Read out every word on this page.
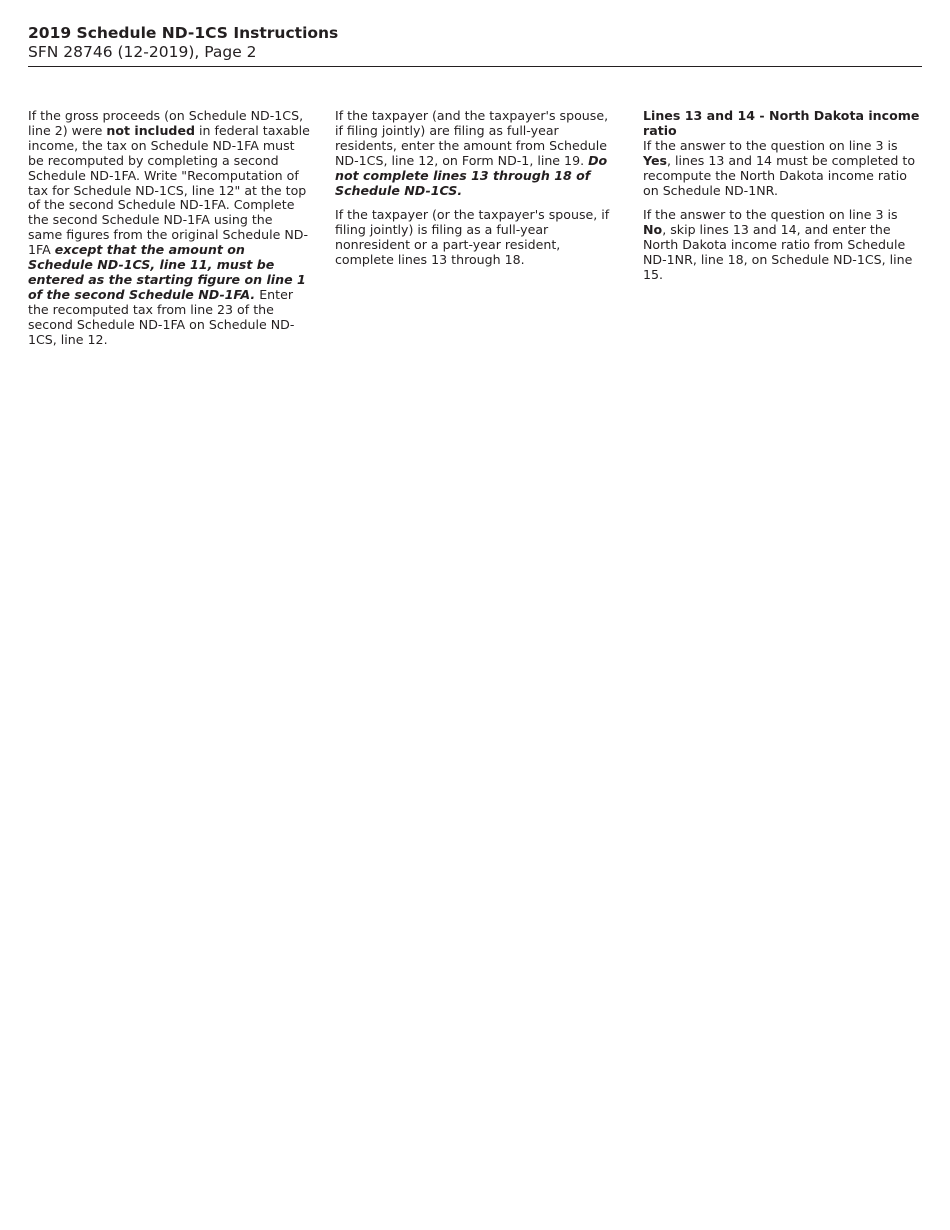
2019 Schedule ND-1CS Instructions
SFN 28746 (12-2019), Page 2

If the gross proceeds (on Schedule ND-1CS, line 2) were not included in federal taxable income, the tax on Schedule ND-1FA must be recomputed by completing a second Schedule ND-1FA. Write "Recomputation of tax for Schedule ND-1CS, line 12" at the top of the second Schedule ND-1FA. Complete the second Schedule ND-1FA using the same figures from the original Schedule ND-1FA except that the amount on Schedule ND-1CS, line 11, must be entered as the starting figure on line 1 of the second Schedule ND-1FA. Enter the recomputed tax from line 23 of the second Schedule ND-1FA on Schedule ND-1CS, line 12.

If the taxpayer (and the taxpayer's spouse, if filing jointly) are filing as full-year residents, enter the amount from Schedule ND-1CS, line 12, on Form ND-1, line 19. Do not complete lines 13 through 18 of Schedule ND-1CS.

If the taxpayer (or the taxpayer's spouse, if filing jointly) is filing as a full-year nonresident or a part-year resident, complete lines 13 through 18.

Lines 13 and 14 - North Dakota income ratio

If the answer to the question on line 3 is Yes, lines 13 and 14 must be completed to recompute the North Dakota income ratio on Schedule ND-1NR.

If the answer to the question on line 3 is No, skip lines 13 and 14, and enter the North Dakota income ratio from Schedule ND-1NR, line 18, on Schedule ND-1CS, line 15.
